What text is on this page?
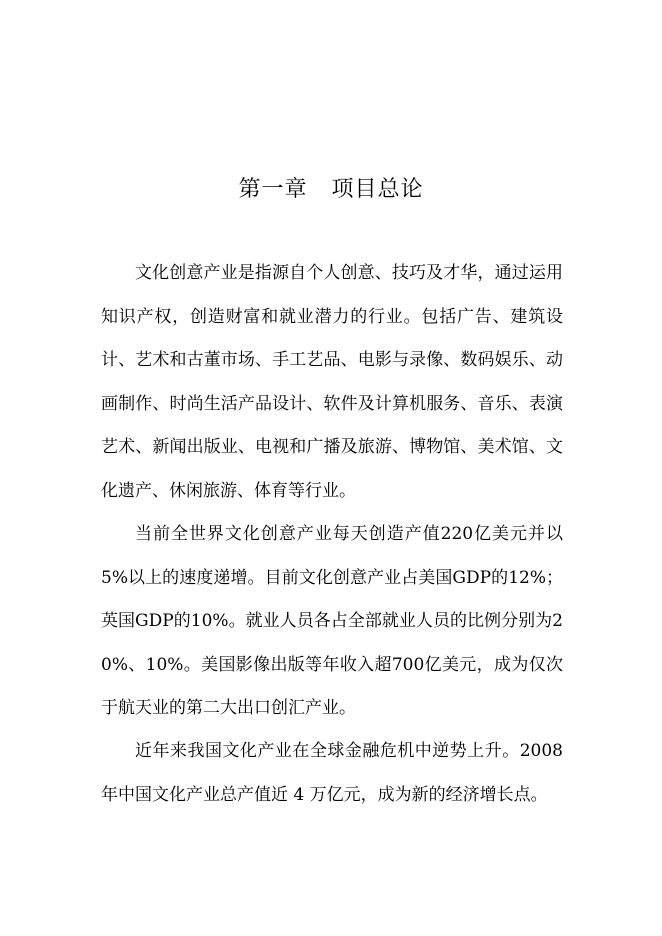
第一章   项目总论

文化创意产业是指源自个人创意、技巧及才华，通过运用知识产权，创造财富和就业潜力的行业。包括广告、建筑设计、艺术和古董市场、手工艺品、电影与录像、数码娱乐、动画制作、时尚生活产品设计、软件及计算机服务、音乐、表演艺术、新闻出版业、电视和广播及旅游、博物馆、美术馆、文化遗产、休闲旅游、体育等行业。

当前全世界文化创意产业每天创造产值220亿美元并以5%以上的速度递增。目前文化创意产业占美国GDP的12%；英国GDP的10%。就业人员各占全部就业人员的比例分别为20%、10%。美国影像出版等年收入超700亿美元，成为仅次于航天业的第二大出口创汇产业。

近年来我国文化产业在全球金融危机中逆势上升。2008 年中国文化产业总产值近 4 万亿元，成为新的经济增长点。
